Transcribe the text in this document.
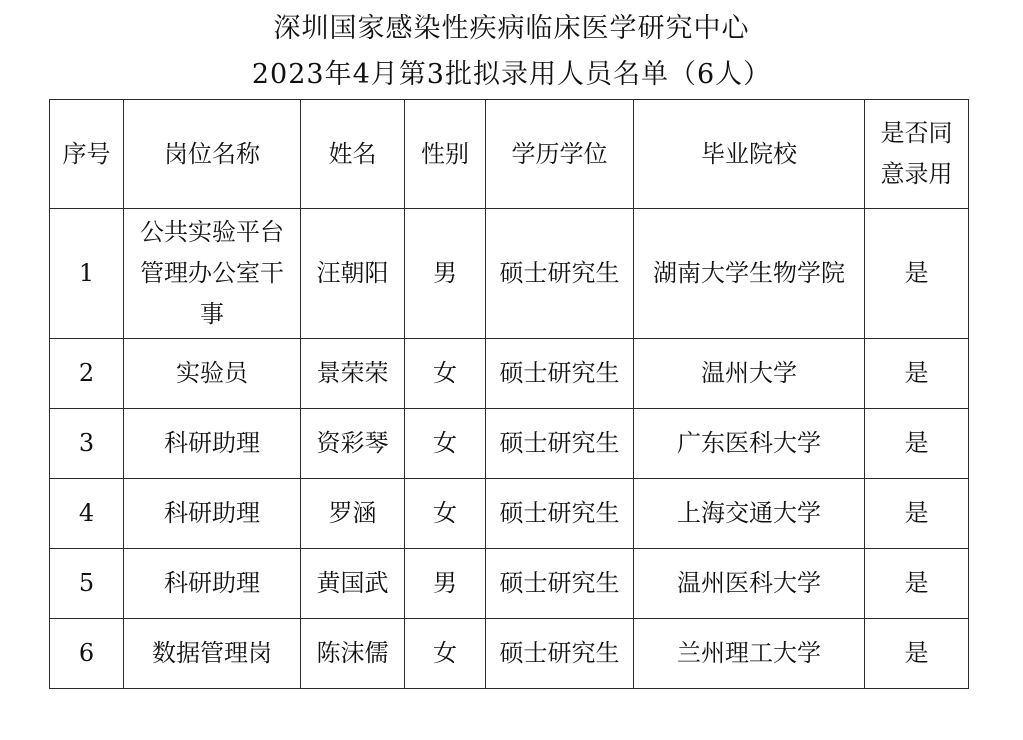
深圳国家感染性疾病临床医学研究中心
2023年4月第3批拟录用人员名单（6人）
序号	岗位名称	姓名	性别	学历学位	毕业院校	是否同意录用
1	公共实验平台管理办公室干事	汪朝阳	男	硕士研究生	湖南大学生物学院	是
2	实验员	景荣荣	女	硕士研究生	温州大学	是
3	科研助理	资彩琴	女	硕士研究生	广东医科大学	是
4	科研助理	罗涵	女	硕士研究生	上海交通大学	是
5	科研助理	黄国武	男	硕士研究生	温州医科大学	是
6	数据管理岗	陈沫儒	女	硕士研究生	兰州理工大学	是
